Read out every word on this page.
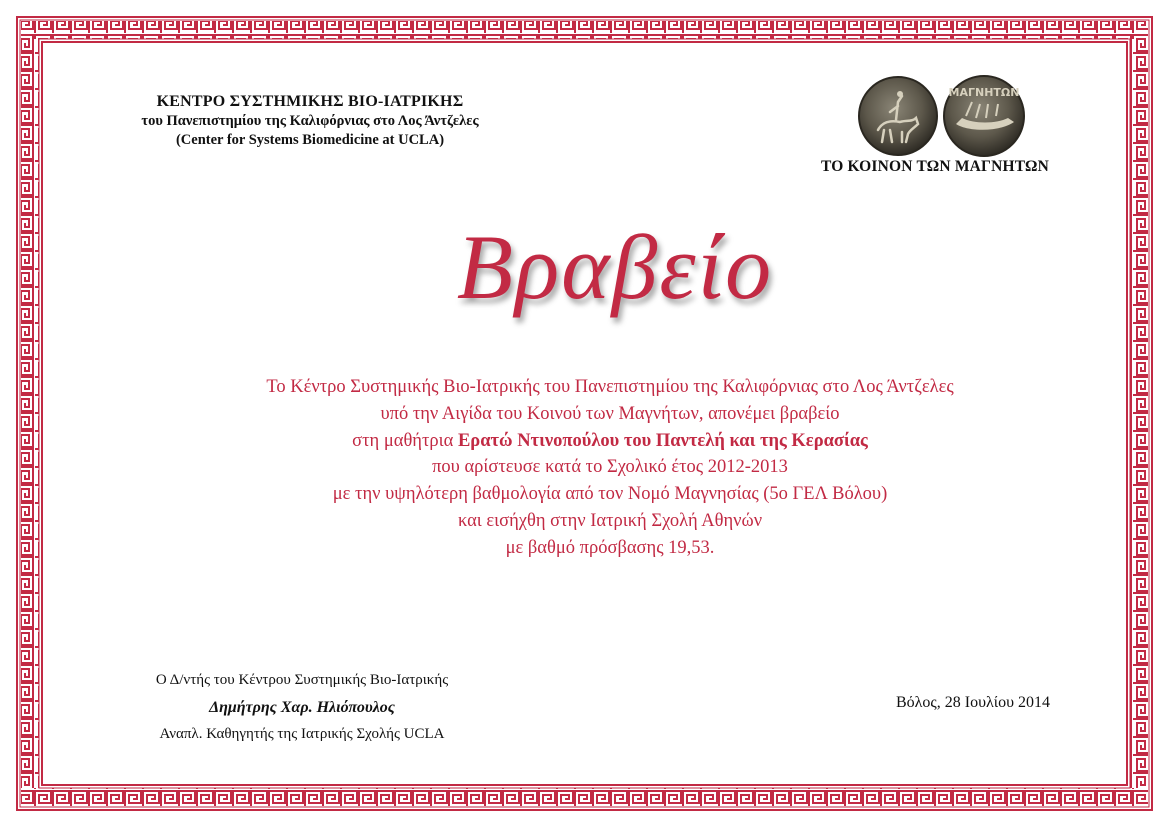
ΚΕΝΤΡΟ ΣΥΣΤΗΜΙΚΗΣ ΒΙΟ-ΙΑΤΡΙΚΗΣ
του Πανεπιστημίου της Καλιφόρνιας στο Λος Άντζελες
(Center for Systems Biomedicine at UCLA)
ΜΑΓΝΗΤΩΝ
ΤΟ ΚΟΙΝΟΝ ΤΩΝ ΜΑΓΝΗΤΩΝ
Βραβείο
Το Κέντρο Συστημικής Βιο-Ιατρικής του Πανεπιστημίου της Καλιφόρνιας στο Λος Άντζελες
υπό την Αιγίδα του Κοινού των Μαγνήτων, απονέμει βραβείο
στη μαθήτρια Ερατώ Ντινοπούλου του Παντελή και της Κερασίας
που αρίστευσε κατά το Σχολικό έτος 2012-2013
με την υψηλότερη βαθμολογία από τον Νομό Μαγνησίας (5ο ΓΕΛ Βόλου)
και εισήχθη στην Ιατρική Σχολή Αθηνών
με βαθμό πρόσβασης 19,53.
Ο Δ/ντής του Κέντρου Συστημικής Βιο-Ιατρικής
Δημήτρης Χαρ. Ηλιόπουλος
Αναπλ. Καθηγητής της Ιατρικής Σχολής UCLA
Βόλος, 28 Ιουλίου 2014
